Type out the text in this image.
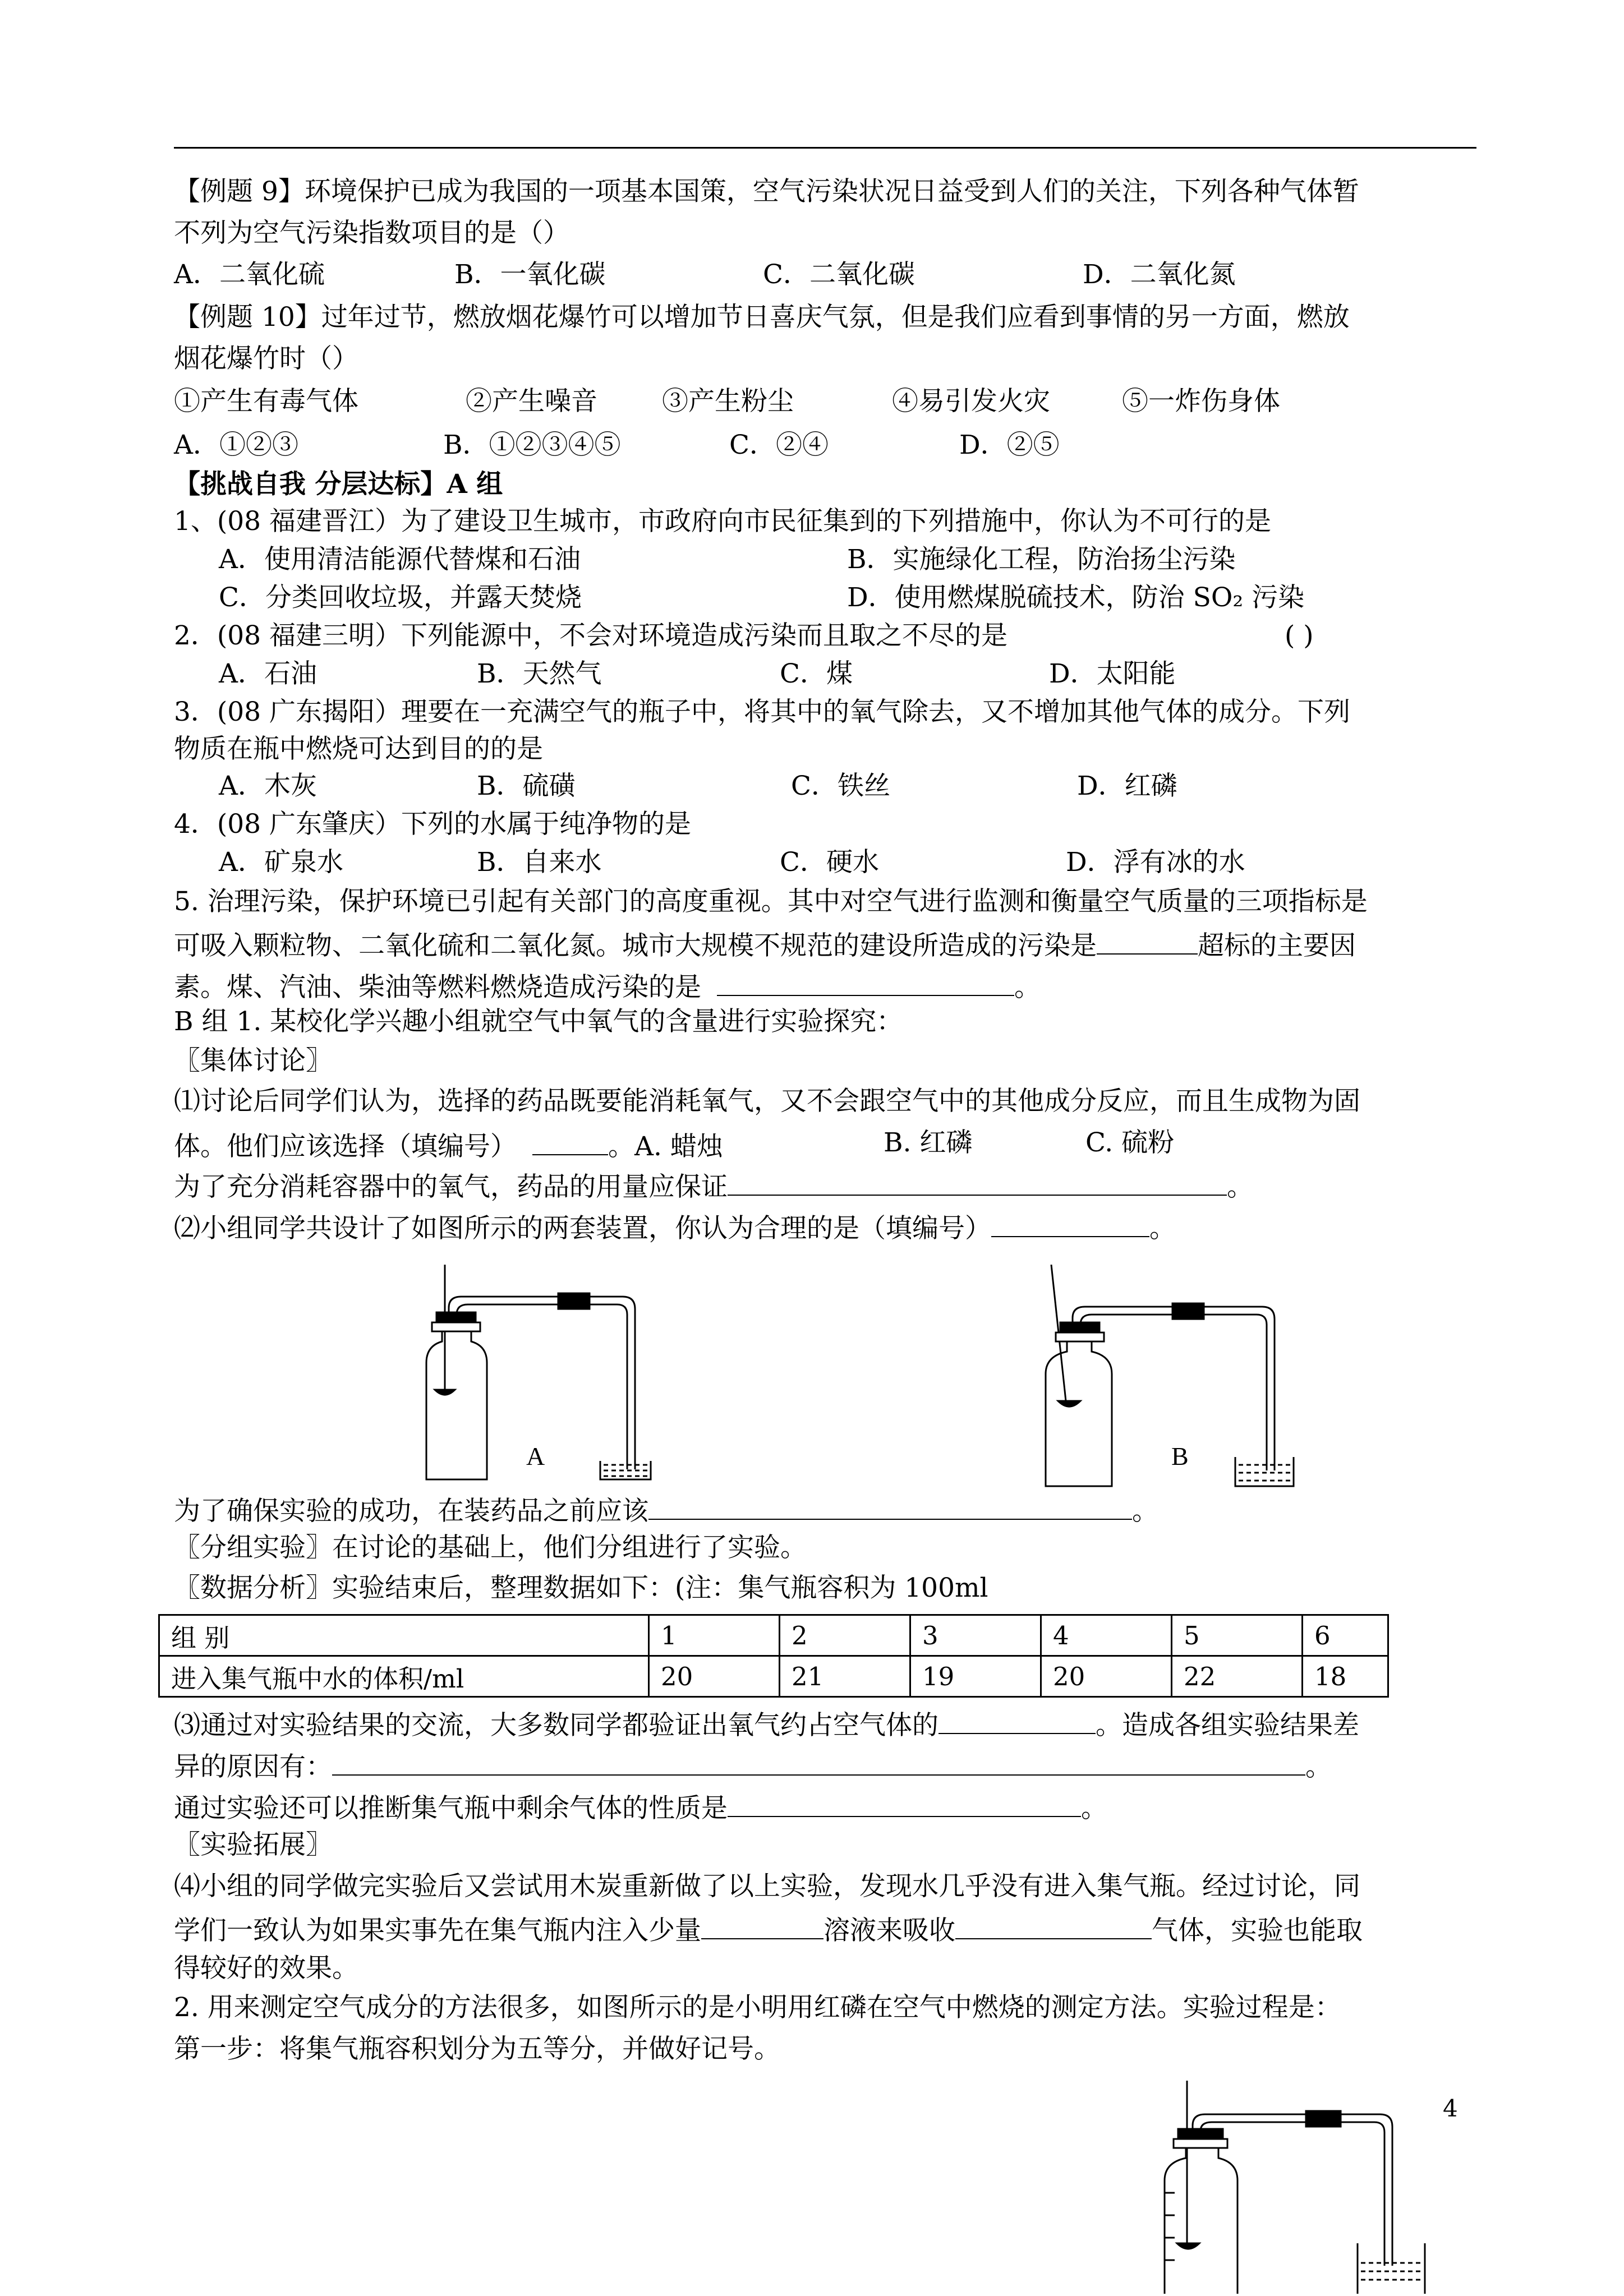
【例题 9】环境保护已成为我国的一项基本国策，空气污染状况日益受到人们的关注，下列各种气体暂
不列为空气污染指数项目的是（）
A．二氧化硫	B．一氧化碳	C．二氧化碳	D．二氧化氮
【例题 10】过年过节，燃放烟花爆竹可以增加节日喜庆气氛，但是我们应看到事情的另一方面，燃放
烟花爆竹时（）
①产生有毒气体	②产生噪音 ③产生粉尘	④易引发火灾	⑤一炸伤身体
A．①②③	B．①②③④⑤	C．②④	D．②⑤
【挑战自我 分层达标】A 组
1、(08 福建晋江）为了建设卫生城市，市政府向市民征集到的下列措施中，你认为不可行的是
A．使用清洁能源代替煤和石油	B．实施绿化工程，防治扬尘污染
C．分类回收垃圾，并露天焚烧	D．使用燃煤脱硫技术，防治 SO₂ 污染
2．(08 福建三明）下列能源中，不会对环境造成污染而且取之不尽的是	( )
A．石油	B．天然气	C．煤	D．太阳能
3．(08 广东揭阳）理要在一充满空气的瓶子中，将其中的氧气除去，又不增加其他气体的成分。下列
物质在瓶中燃烧可达到目的的是
A．木灰	B．硫磺	C．铁丝	D．红磷
4．(08 广东肇庆）下列的水属于纯净物的是
A．矿泉水	B．自来水	C．硬水	D．浮有冰的水
5. 治理污染，保护环境已引起有关部门的高度重视。其中对空气进行监测和衡量空气质量的三项指标是
可吸入颗粒物、二氧化硫和二氧化氮。城市大规模不规范的建设所造成的污染是	超标的主要因
素。煤、汽油、柴油等燃料燃烧造成污染的是	。
B 组 1. 某校化学兴趣小组就空气中氧气的含量进行实验探究：
〖集体讨论〗
⑴讨论后同学们认为，选择的药品既要能消耗氧气，又不会跟空气中的其他成分反应，而且生成物为固
体。他们应该选择（填编号）	。A. 蜡烛	B. 红磷	C. 硫粉
为了充分消耗容器中的氧气，药品的用量应保证	。
⑵小组同学共设计了如图所示的两套装置，你认为合理的是（填编号）	。
A	B
为了确保实验的成功，在装药品之前应该	。
〖分组实验〗在讨论的基础上，他们分组进行了实验。
〖数据分析〗实验结束后，整理数据如下：(注：集气瓶容积为 100ml
组 别	1	2	3	4	5	6
进入集气瓶中水的体积/ml	20	21	19	20	22	18
⑶通过对实验结果的交流，大多数同学都验证出氧气约占空气体的	。造成各组实验结果差
异的原因有：	。
通过实验还可以推断集气瓶中剩余气体的性质是	。
〖实验拓展〗
⑷小组的同学做完实验后又尝试用木炭重新做了以上实验，发现水几乎没有进入集气瓶。经过讨论，同
学们一致认为如果实事先在集气瓶内注入少量	溶液来吸收	气体，实验也能取
得较好的效果。
2. 用来测定空气成分的方法很多，如图所示的是小明用红磷在空气中燃烧的测定方法。实验过程是：
第一步：将集气瓶容积划分为五等分，并做好记号。
4
